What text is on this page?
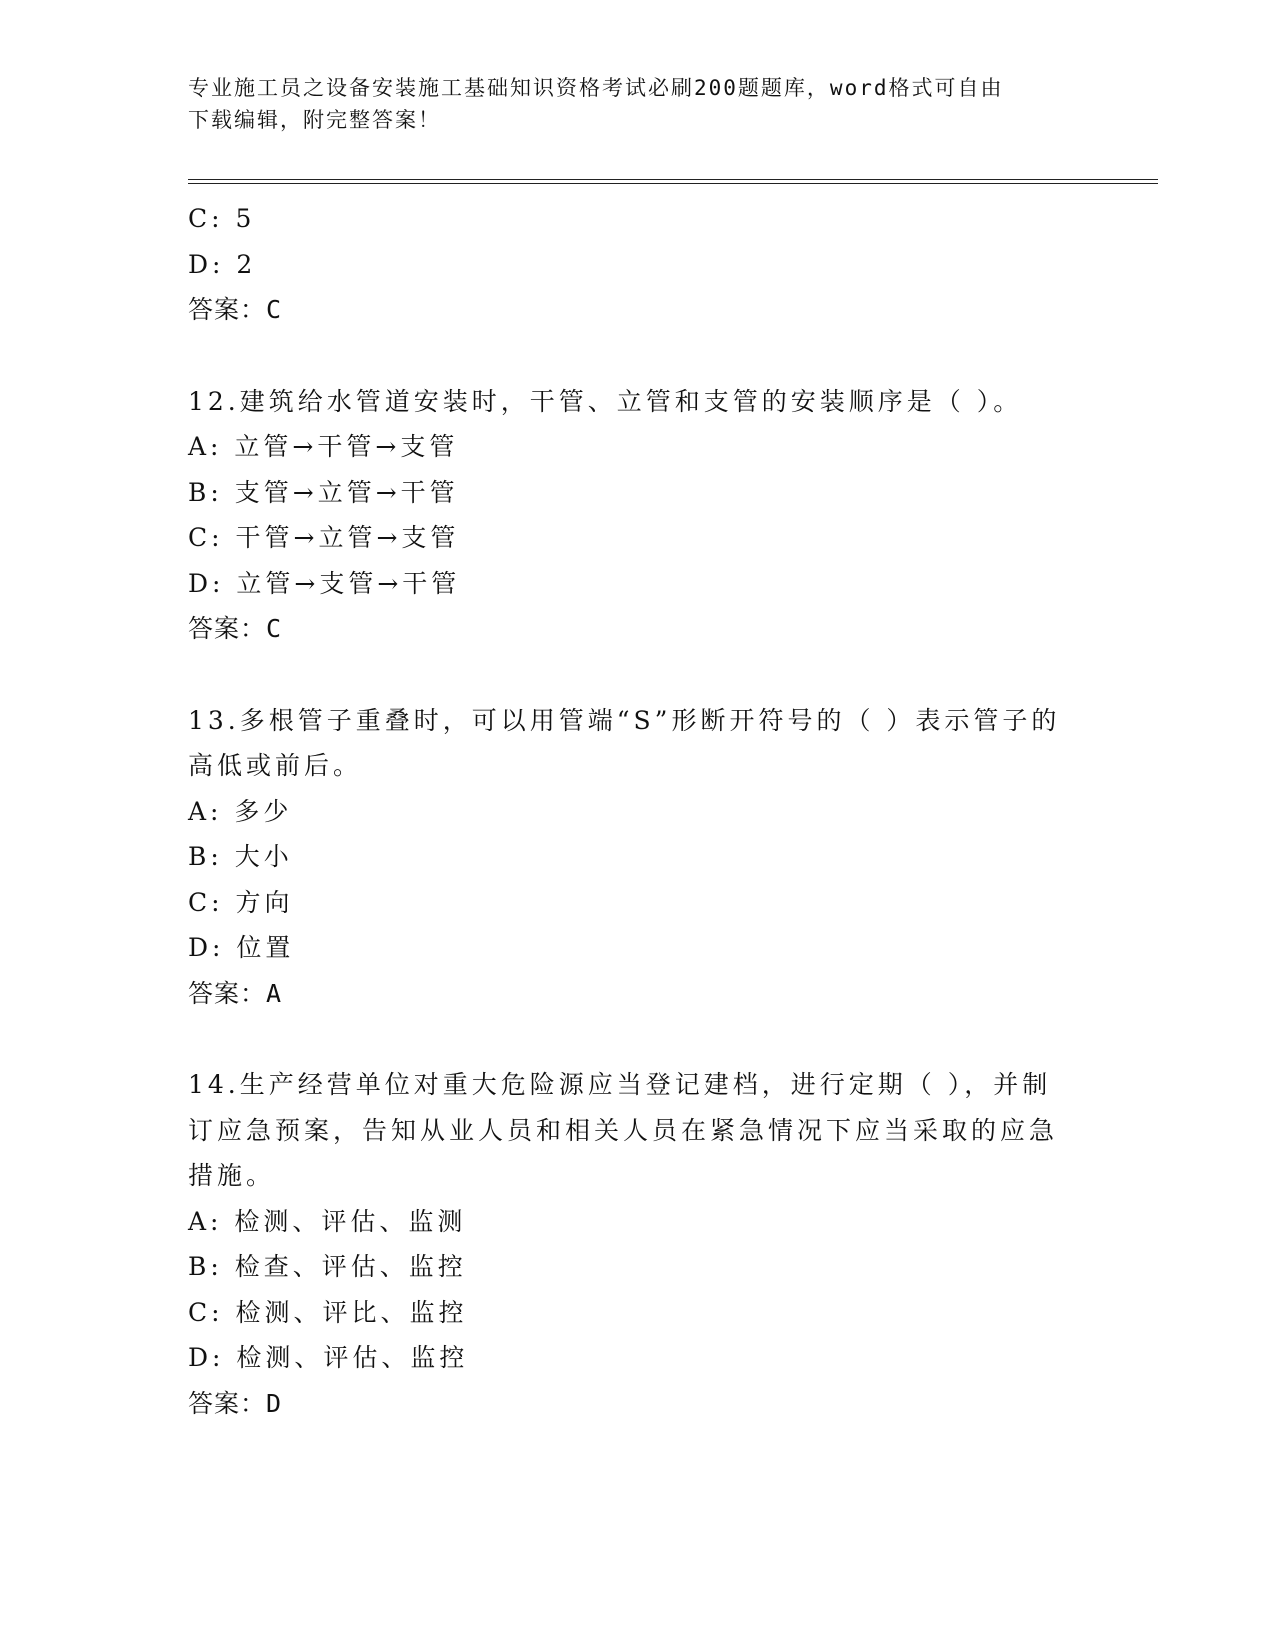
专业施工员之设备安装施工基础知识资格考试必刷200题题库，word格式可自由
下载编辑，附完整答案！
C: 5
D: 2
答案：C
12.建筑给水管道安装时，干管、立管和支管的安装顺序是（ ）。
A: 立管→干管→支管
B: 支管→立管→干管
C: 干管→立管→支管
D: 立管→支管→干管
答案：C
13.多根管子重叠时，可以用管端“S”形断开符号的（ ）表示管子的
高低或前后。
A: 多少
B: 大小
C: 方向
D: 位置
答案：A
14.生产经营单位对重大危险源应当登记建档，进行定期（ ），并制
订应急预案，告知从业人员和相关人员在紧急情况下应当采取的应急
措施。
A: 检测、评估、监测
B: 检查、评估、监控
C: 检测、评比、监控
D: 检测、评估、监控
答案：D
